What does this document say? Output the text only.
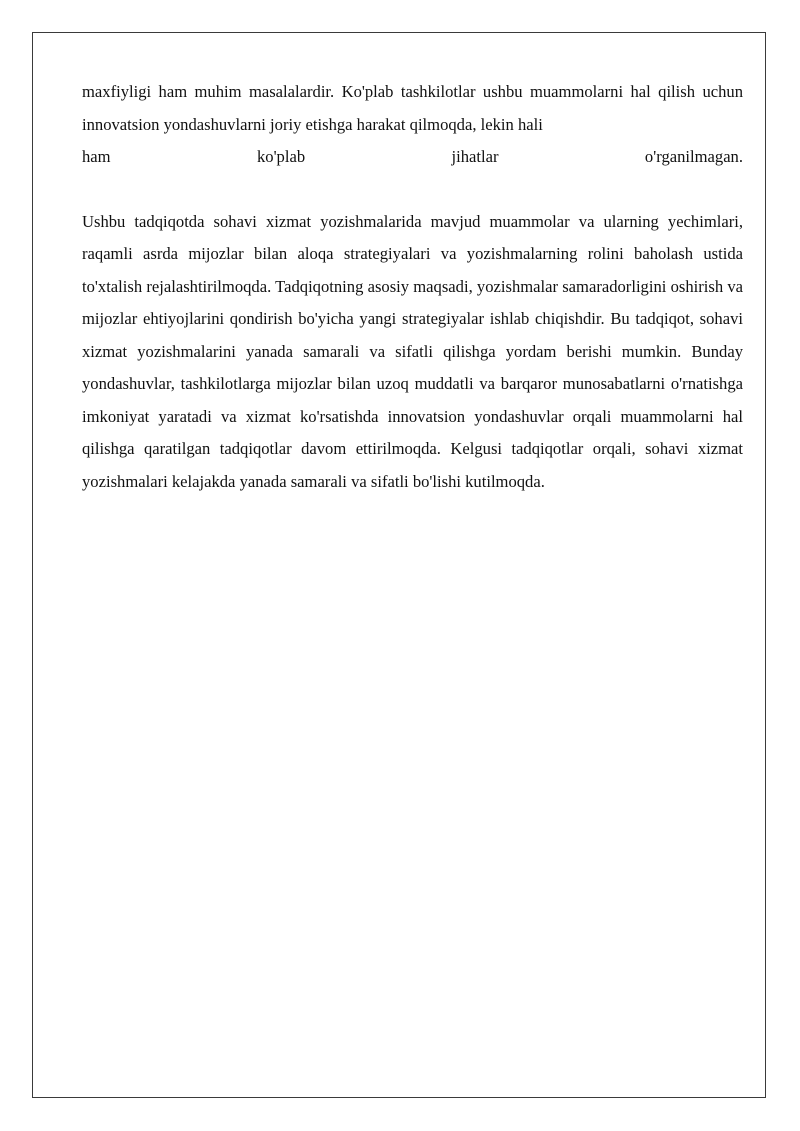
maxfiyligi ham muhim masalalardir. Ko'plab tashkilotlar ushbu muammolarni hal qilish uchun innovatsion yondashuvlarni joriy etishga harakat qilmoqda, lekin hali

ham ko'plab jihatlar o'rganilmagan.

Ushbu tadqiqotda sohavi xizmat yozishmalarida mavjud muammolar va ularning yechimlari, raqamli asrda mijozlar bilan aloqa strategiyalari va yozishmalarning rolini baholash ustida to'xtalish rejalashtirilmoqda. Tadqiqotning asosiy maqsadi, yozishmalar samaradorligini oshirish va mijozlar ehtiyojlarini qondirish bo'yicha yangi strategiyalar ishlab chiqishdir. Bu tadqiqot, sohavi xizmat yozishmalarini yanada samarali va sifatli qilishga yordam berishi mumkin. Bunday yondashuvlar, tashkilotlarga mijozlar bilan uzoq muddatli va barqaror munosabatlarni o'rnatishga imkoniyat yaratadi va xizmat ko'rsatishda innovatsion yondashuvlar orqali muammolarni hal qilishga qaratilgan tadqiqotlar davom ettirilmoqda. Kelgusi tadqiqotlar orqali, sohavi xizmat yozishmalari kelajakda yanada samarali va sifatli bo'lishi kutilmoqda.
